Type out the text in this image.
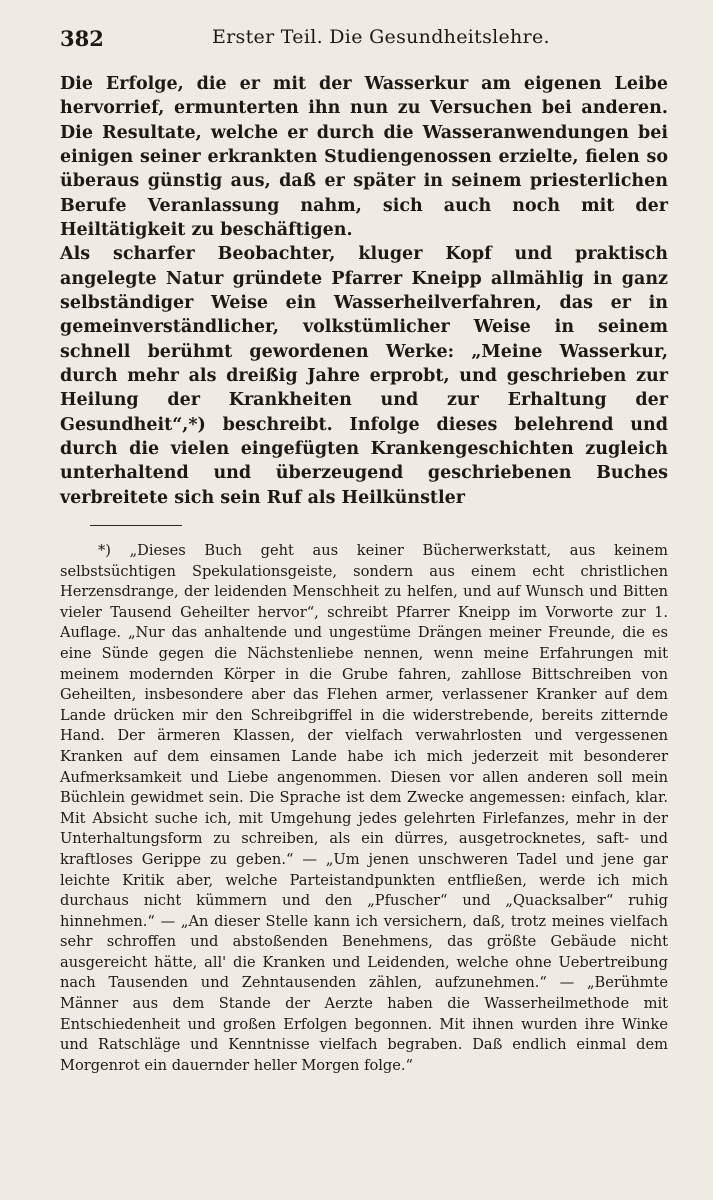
382	Erster Teil. Die Gesundheitslehre.

Die Erfolge, die er mit der Wasserkur am eigenen Leibe hervorrief, ermunterten ihn nun zu Versuchen bei anderen. Die Resultate, welche er durch die Wasseranwendungen bei einigen seiner erkrankten Studiengenossen erzielte, fielen so überaus günstig aus, daß er später in seinem priesterlichen Berufe Veranlassung nahm, sich auch noch mit der Heiltätigkeit zu beschäftigen.

Als scharfer Beobachter, kluger Kopf und praktisch angelegte Natur gründete Pfarrer Kneipp allmählig in ganz selbständiger Weise ein Wasserheilverfahren, das er in gemeinverständlicher, volkstümlicher Weise in seinem schnell berühmt gewordenen Werke: „Meine Wasserkur, durch mehr als dreißig Jahre erprobt, und geschrieben zur Heilung der Krankheiten und zur Erhaltung der Gesundheit“,*) beschreibt. Infolge dieses belehrend und durch die vielen eingefügten Krankengeschichten zugleich unterhaltend und überzeugend geschriebenen Buches verbreitete sich sein Ruf als Heilkünstler

*) „Dieses Buch geht aus keiner Bücherwerkstatt, aus keinem selbstsüchtigen Spekulationsgeiste, sondern aus einem echt christlichen Herzensdrange, der leidenden Menschheit zu helfen, und auf Wunsch und Bitten vieler Tausend Geheilter hervor“, schreibt Pfarrer Kneipp im Vorworte zur 1. Auflage. „Nur das anhaltende und ungestüme Drängen meiner Freunde, die es eine Sünde gegen die Nächstenliebe nennen, wenn meine Erfahrungen mit meinem modernden Körper in die Grube fahren, zahllose Bittschreiben von Geheilten, insbesondere aber das Flehen armer, verlassener Kranker auf dem Lande drücken mir den Schreibgriffel in die widerstrebende, bereits zitternde Hand. Der ärmeren Klassen, der vielfach verwahrlosten und vergessenen Kranken auf dem einsamen Lande habe ich mich jederzeit mit besonderer Aufmerksamkeit und Liebe angenommen. Diesen vor allen anderen soll mein Büchlein gewidmet sein. Die Sprache ist dem Zwecke angemessen: einfach, klar. Mit Absicht suche ich, mit Umgehung jedes gelehrten Firlefanzes, mehr in der Unterhaltungsform zu schreiben, als ein dürres, ausgetrocknetes, saft- und kraftloses Gerippe zu geben.“ — „Um jenen unschweren Tadel und jene gar leichte Kritik aber, welche Parteistandpunkten entfließen, werde ich mich durchaus nicht kümmern und den „Pfuscher“ und „Quacksalber“ ruhig hinnehmen.“ — „An dieser Stelle kann ich versichern, daß, trotz meines vielfach sehr schroffen und abstoßenden Benehmens, das größte Gebäude nicht ausgereicht hätte, all' die Kranken und Leidenden, welche ohne Uebertreibung nach Tausenden und Zehntausenden zählen, aufzunehmen.“ — „Berühmte Männer aus dem Stande der Aerzte haben die Wasserheilmethode mit Entschiedenheit und großen Erfolgen begonnen. Mit ihnen wurden ihre Winke und Ratschläge und Kenntnisse vielfach begraben. Daß endlich einmal dem Morgenrot ein dauernder heller Morgen folge.“
